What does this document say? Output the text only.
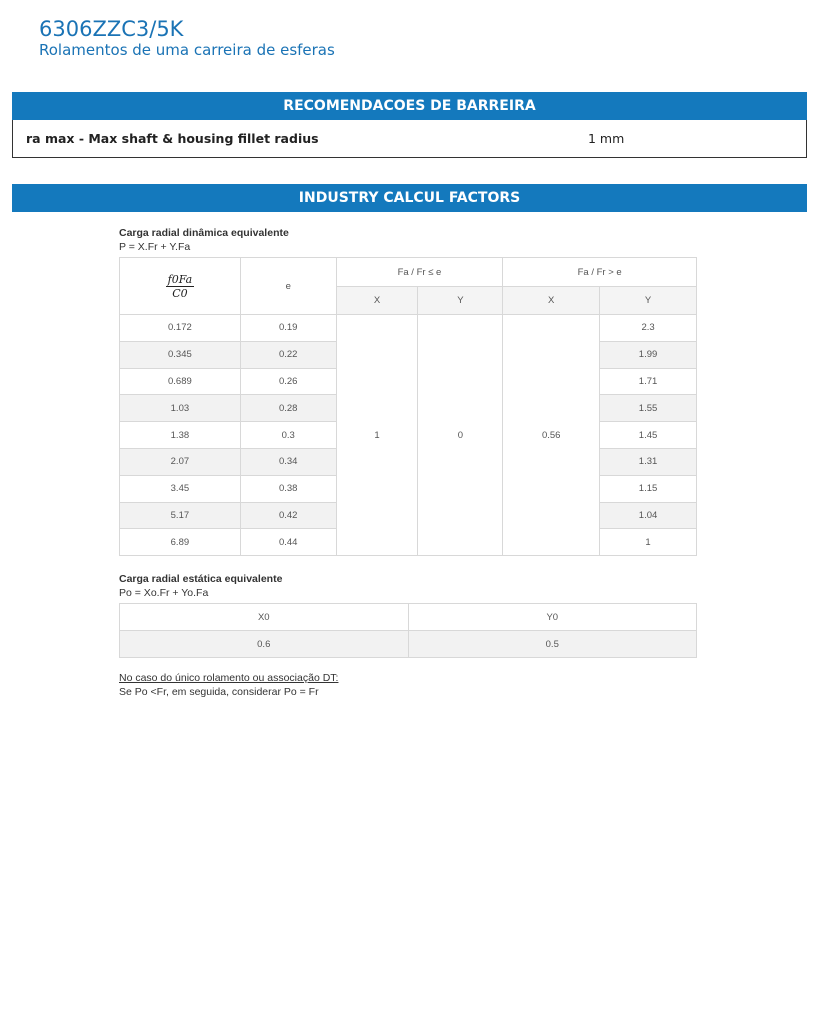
6306ZZC3/5K
Rolamentos de uma carreira de esferas
RECOMENDACOES DE BARREIRA
ra max - Max shaft & housing fillet radius	1 mm
INDUSTRY CALCUL FACTORS
Carga radial dinâmica equivalente
P = X.Fr + Y.Fa
$\frac{f0Fa}{C0}$	e	Fa / Fr ≤ e		Fa / Fr > e	
		X	Y	X	Y
0.172	0.19	1	0	0.56	2.3
0.345	0.22				1.99
0.689	0.26				1.71
1.03	0.28				1.55
1.38	0.3				1.45
2.07	0.34				1.31
3.45	0.38				1.15
5.17	0.42				1.04
6.89	0.44				1
Carga radial estática equivalente
Po = Xo.Fr + Yo.Fa
X0	Y0
0.6	0.5
No caso do único rolamento ou associação DT:
Se Po <Fr, em seguida, considerar Po = Fr
